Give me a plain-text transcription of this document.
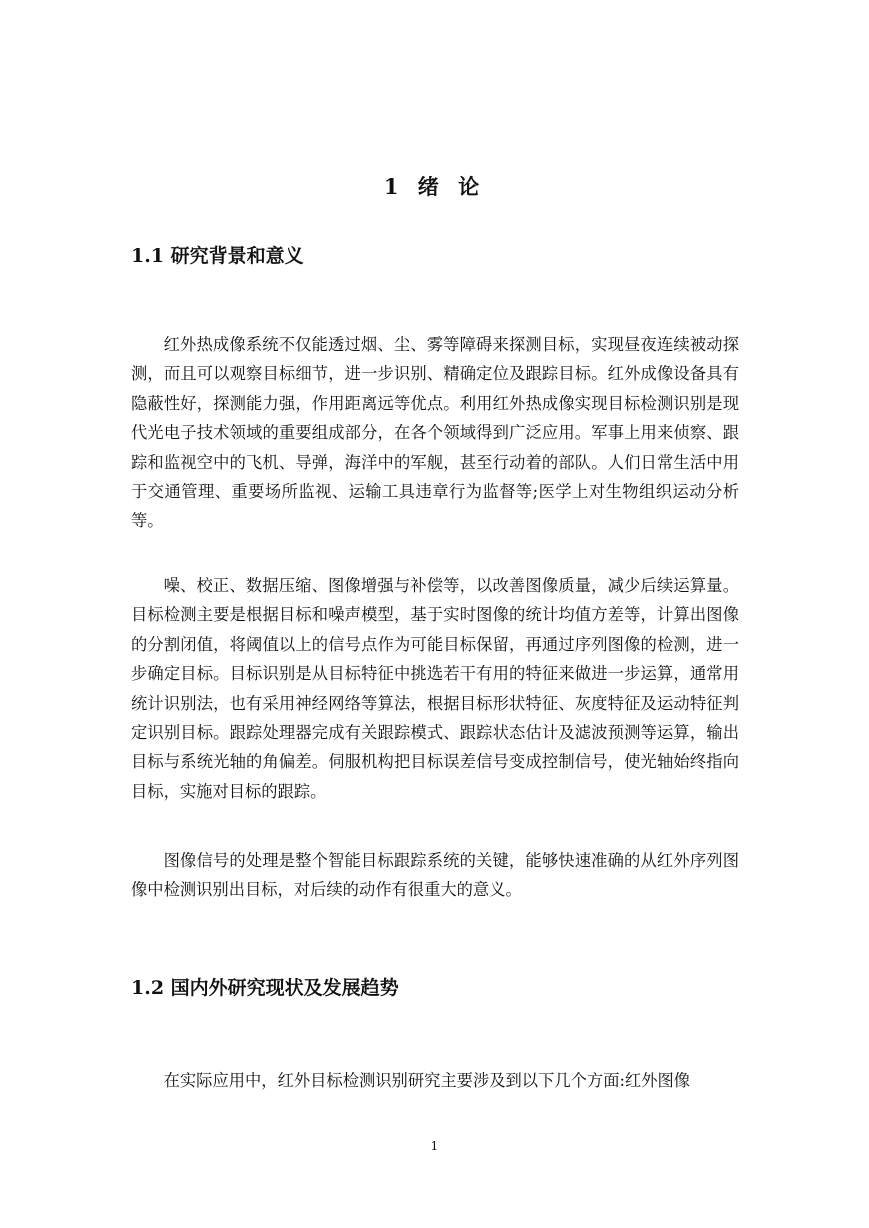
1 绪 论
1.1 研究背景和意义

红外热成像系统不仅能透过烟、尘、雾等障碍来探测目标，实现昼夜连续被动探测，而且可以观察目标细节，进一步识别、精确定位及跟踪目标。红外成像设备具有隐蔽性好，探测能力强，作用距离远等优点。利用红外热成像实现目标检测识别是现代光电子技术领域的重要组成部分，在各个领域得到广泛应用。军事上用来侦察、跟踪和监视空中的飞机、导弹，海洋中的军舰，甚至行动着的部队。人们日常生活中用于交通管理、重要场所监视、运输工具违章行为监督等;医学上对生物组织运动分析等。

噪、校正、数据压缩、图像增强与补偿等，以改善图像质量，减少后续运算量。目标检测主要是根据目标和噪声模型，基于实时图像的统计均值方差等，计算出图像的分割闭值，将阈值以上的信号点作为可能目标保留，再通过序列图像的检测，进一步确定目标。目标识别是从目标特征中挑选若干有用的特征来做进一步运算，通常用统计识别法，也有采用神经网络等算法，根据目标形状特征、灰度特征及运动特征判定识别目标。跟踪处理器完成有关跟踪模式、跟踪状态估计及滤波预测等运算，输出目标与系统光轴的角偏差。伺服机构把目标误差信号变成控制信号，使光轴始终指向目标，实施对目标的跟踪。

图像信号的处理是整个智能目标跟踪系统的关键，能够快速准确的从红外序列图像中检测识别出目标，对后续的动作有很重大的意义。

1.2 国内外研究现状及发展趋势

在实际应用中，红外目标检测识别研究主要涉及到以下几个方面:红外图像

1
